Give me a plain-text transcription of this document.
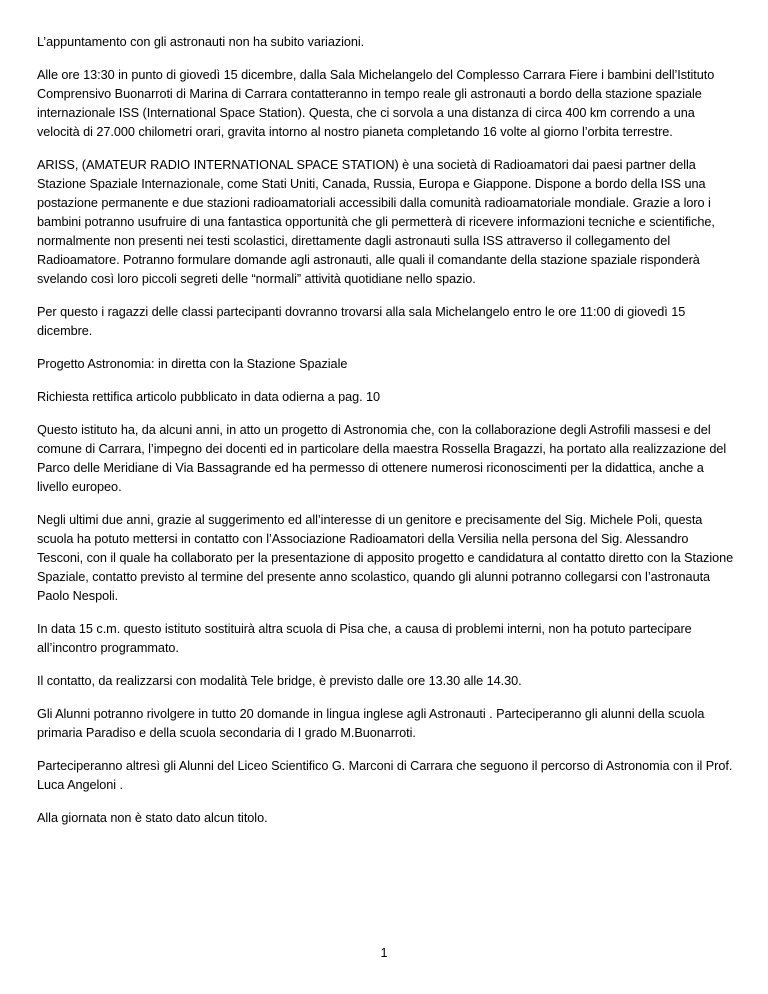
L’appuntamento con gli astronauti non ha subito variazioni.

Alle ore 13:30 in punto di giovedì 15 dicembre, dalla Sala Michelangelo del Complesso Carrara Fiere i bambini dell’Istituto Comprensivo Buonarroti di Marina di Carrara contatteranno in tempo reale gli astronauti a bordo della stazione spaziale internazionale ISS (International Space Station). Questa, che ci sorvola a una distanza di circa 400 km correndo a una velocità di 27.000 chilometri orari, gravita intorno al nostro pianeta completando 16 volte al giorno l’orbita terrestre.

ARISS, (AMATEUR RADIO INTERNATIONAL SPACE STATION) è una società di Radioamatori dai paesi partner della Stazione Spaziale Internazionale, come Stati Uniti, Canada, Russia, Europa e Giappone. Dispone a bordo della ISS una postazione permanente e due stazioni radioamatoriali accessibili dalla comunità radioamatoriale mondiale. Grazie a loro i bambini potranno usufruire di una fantastica opportunità che gli permetterà di ricevere informazioni tecniche e scientifiche, normalmente non presenti nei testi scolastici, direttamente dagli astronauti sulla ISS attraverso il collegamento del Radioamatore. Potranno formulare domande agli astronauti, alle quali il comandante della stazione spaziale risponderà svelando così loro piccoli segreti delle “normali” attività quotidiane nello spazio.

Per questo i ragazzi delle classi partecipanti dovranno trovarsi alla sala Michelangelo entro le ore 11:00 di giovedì 15 dicembre.

Progetto Astronomia: in diretta con la Stazione Spaziale

Richiesta rettifica articolo pubblicato in data odierna a pag. 10

Questo istituto ha, da alcuni anni, in atto un progetto di Astronomia che, con la collaborazione degli Astrofili massesi e del comune di Carrara, l’impegno dei docenti ed in particolare della maestra Rossella Bragazzi, ha portato alla realizzazione del Parco delle Meridiane di Via Bassagrande ed ha permesso di ottenere numerosi riconoscimenti per la didattica, anche a livello europeo.

Negli ultimi due anni, grazie al suggerimento ed all’interesse di un genitore e precisamente del Sig. Michele Poli, questa scuola ha potuto mettersi in contatto con l’Associazione Radioamatori della Versilia nella persona del Sig. Alessandro Tesconi, con il quale ha collaborato per la presentazione di apposito progetto e candidatura al contatto diretto con la Stazione Spaziale, contatto previsto al termine del presente anno scolastico, quando gli alunni potranno collegarsi con l’astronauta Paolo Nespoli.

In data 15 c.m. questo istituto sostituirà altra scuola di Pisa che, a causa di problemi interni, non ha potuto partecipare all’incontro programmato.

Il contatto, da realizzarsi con modalità Tele bridge, è previsto dalle ore 13.30 alle 14.30.

Gli Alunni potranno rivolgere in tutto 20 domande in lingua inglese agli Astronauti . Parteciperanno gli alunni della scuola primaria Paradiso e della scuola secondaria di I grado M.Buonarroti.

Parteciperanno altresì gli Alunni del Liceo Scientifico G. Marconi di Carrara che seguono il percorso di Astronomia con il Prof. Luca Angeloni .

Alla giornata non è stato dato alcun titolo.

1
